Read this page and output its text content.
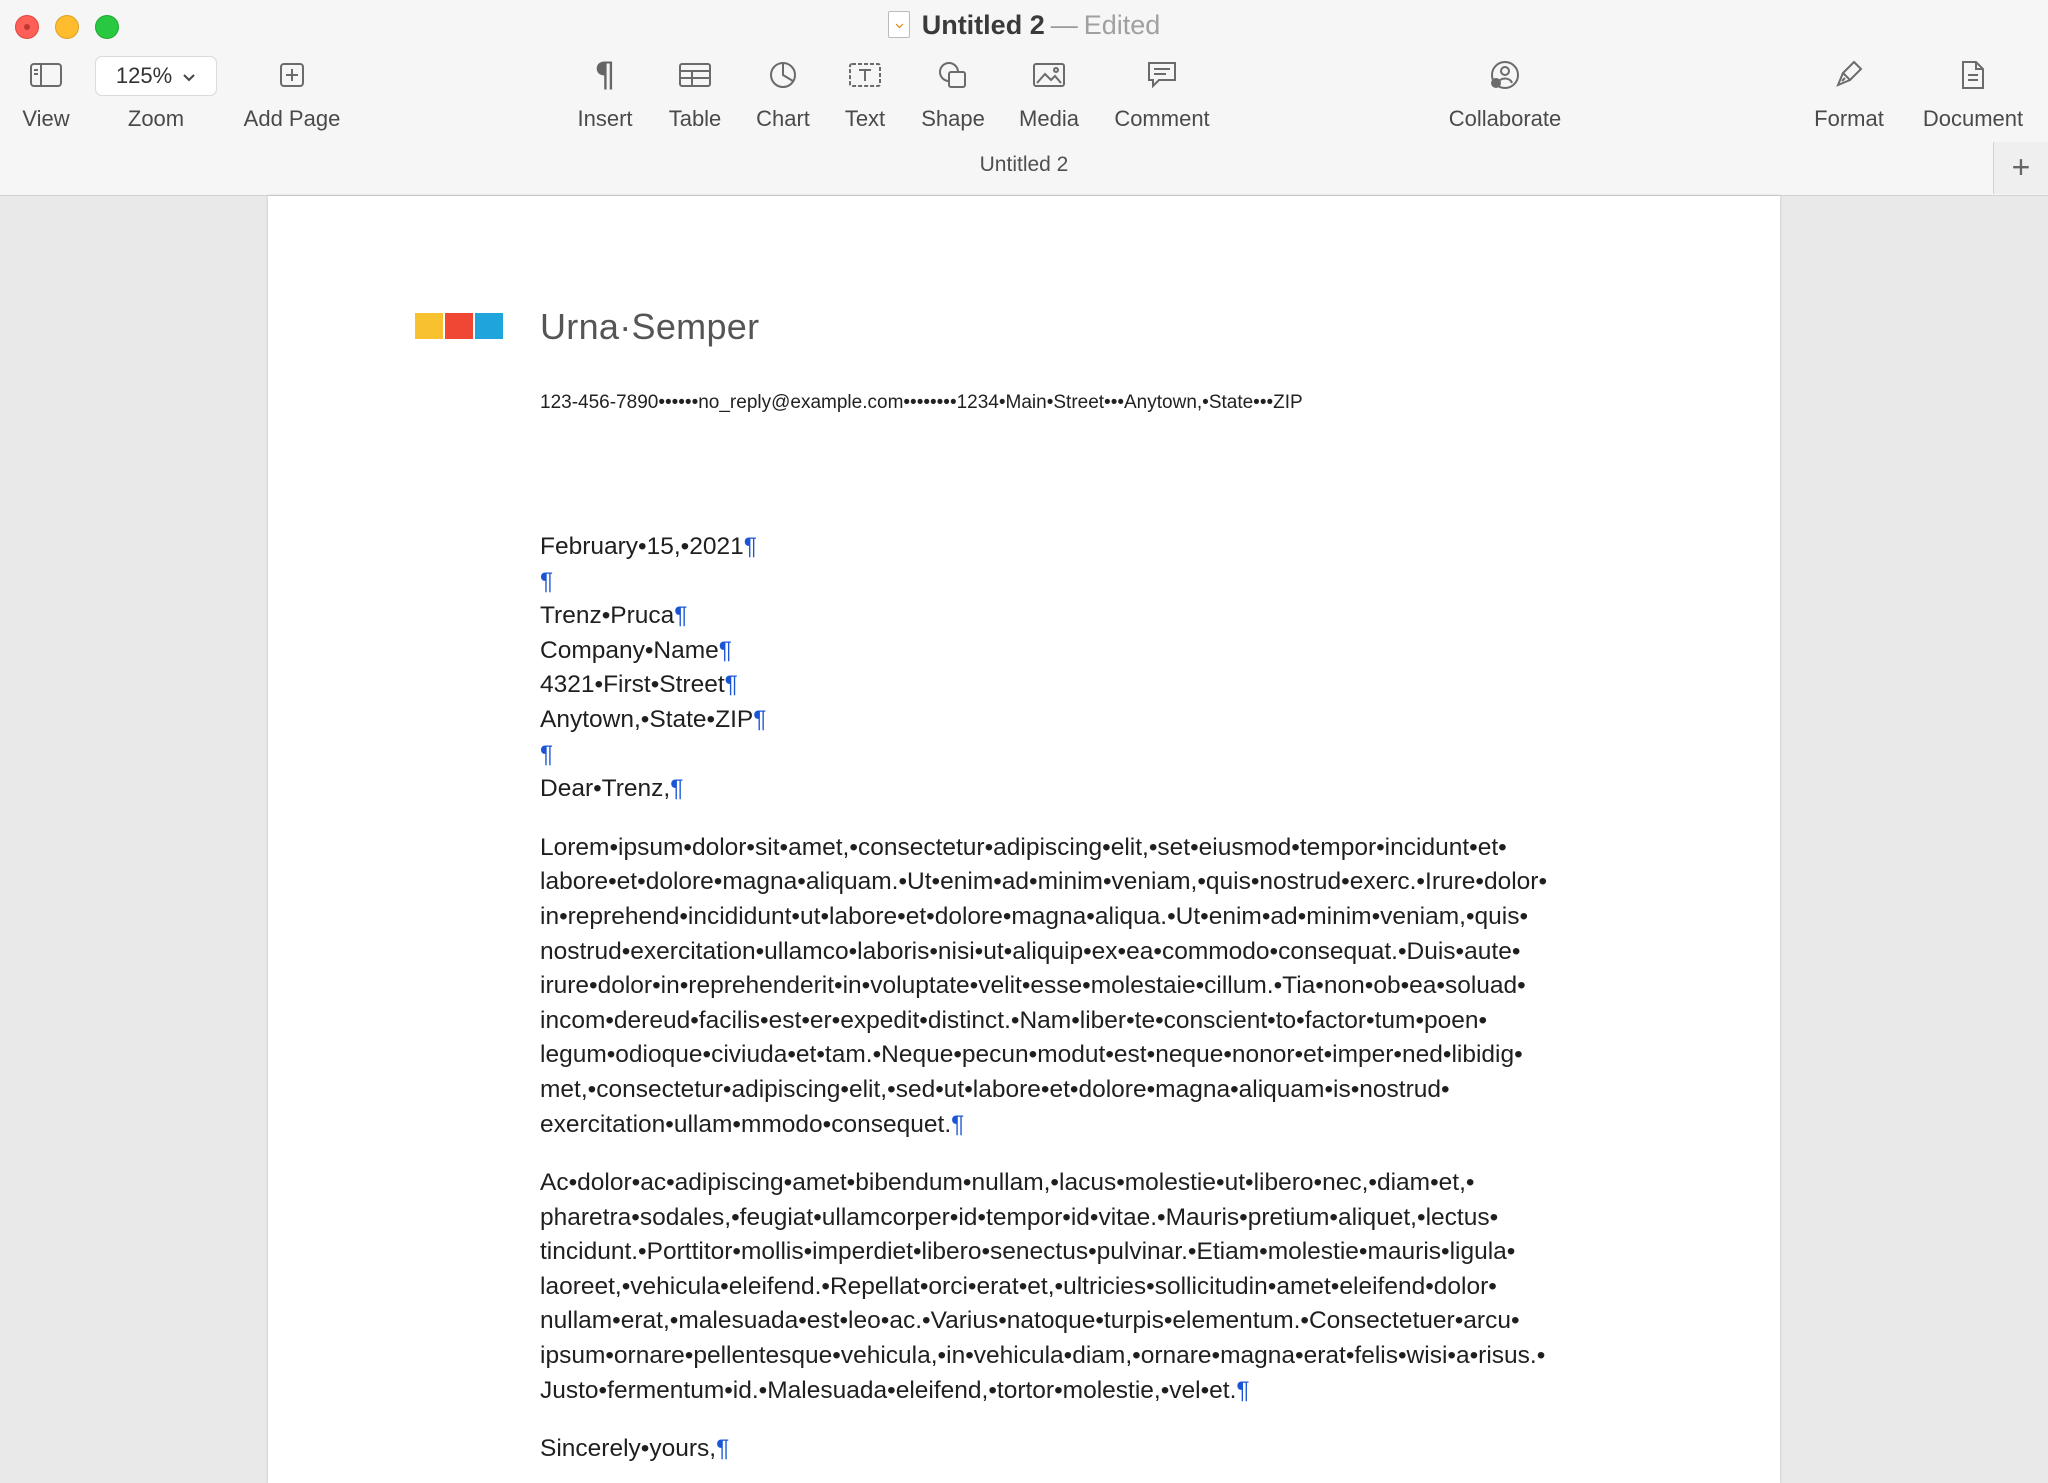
Untitled 2 — Edited
View
125%
Zoom	Add Page
¶
Insert	Table	Chart	Text	Shape	Media	Comment	Collaborate	Format	Document
Untitled 2	+
Urna·Semper
123-456-7890••••••no_reply@example.com••••••••1234•Main•Street•••Anytown,•State•••ZIP
February•15,•2021¶
¶
Trenz•Pruca¶
Company•Name¶
4321•First•Street¶
Anytown,•State•ZIP¶
¶
Dear•Trenz,¶
Lorem•ipsum•dolor•sit•amet,•consectetur•adipiscing•elit,•set•eiusmod•tempor•incidunt•et•
labore•et•dolore•magna•aliquam.•Ut•enim•ad•minim•veniam,•quis•nostrud•exerc.•Irure•dolor•
in•reprehend•incididunt•ut•labore•et•dolore•magna•aliqua.•Ut•enim•ad•minim•veniam,•quis•
nostrud•exercitation•ullamco•laboris•nisi•ut•aliquip•ex•ea•commodo•consequat.•Duis•aute•
irure•dolor•in•reprehenderit•in•voluptate•velit•esse•molestaie•cillum.•Tia•non•ob•ea•soluad•
incom•dereud•facilis•est•er•expedit•distinct.•Nam•liber•te•conscient•to•factor•tum•poen•
legum•odioque•civiuda•et•tam.•Neque•pecun•modut•est•neque•nonor•et•imper•ned•libidig•
met,•consectetur•adipiscing•elit,•sed•ut•labore•et•dolore•magna•aliquam•is•nostrud•
exercitation•ullam•mmodo•consequet.¶
Ac•dolor•ac•adipiscing•amet•bibendum•nullam,•lacus•molestie•ut•libero•nec,•diam•et,•
pharetra•sodales,•feugiat•ullamcorper•id•tempor•id•vitae.•Mauris•pretium•aliquet,•lectus•
tincidunt.•Porttitor•mollis•imperdiet•libero•senectus•pulvinar.•Etiam•molestie•mauris•ligula•
laoreet,•vehicula•eleifend.•Repellat•orci•erat•et,•ultricies•sollicitudin•amet•eleifend•dolor•
nullam•erat,•malesuada•est•leo•ac.•Varius•natoque•turpis•elementum.•Consectetuer•arcu•
ipsum•ornare•pellentesque•vehicula,•in•vehicula•diam,•ornare•magna•erat•felis•wisi•a•risus.•
Justo•fermentum•id.•Malesuada•eleifend,•tortor•molestie,•vel•et.¶
Sincerely•yours,¶
